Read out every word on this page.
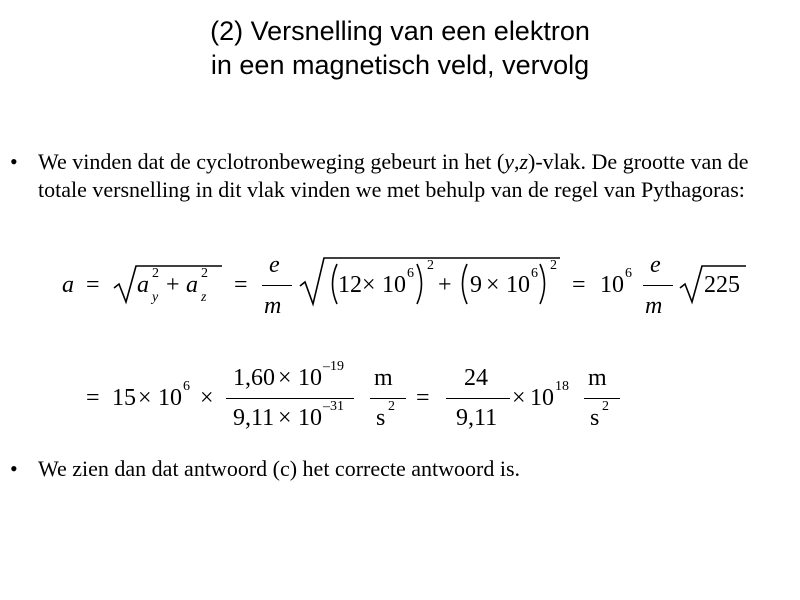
(2) Versnelling van een elektron
in een magnetisch veld, vervolg
• We vinden dat de cyclotronbeweging gebeurt in het (y,z)-vlak. De grootte van de totale versnelling in dit vlak vinden we met behulp van de regel van Pythagoras:
a = a 2
y + a 2
z =
e
m
12 × 10 6
2
+ 9 × 10 6
2
= 10 6 e
m
225
= 15 × 10 6 ×
1,60 × 10 –19
9,11 × 10 –31
m
s 2 =
24
9,11
× 10 18 m
s 2
• We zien dan dat antwoord (c) het correcte antwoord is.
